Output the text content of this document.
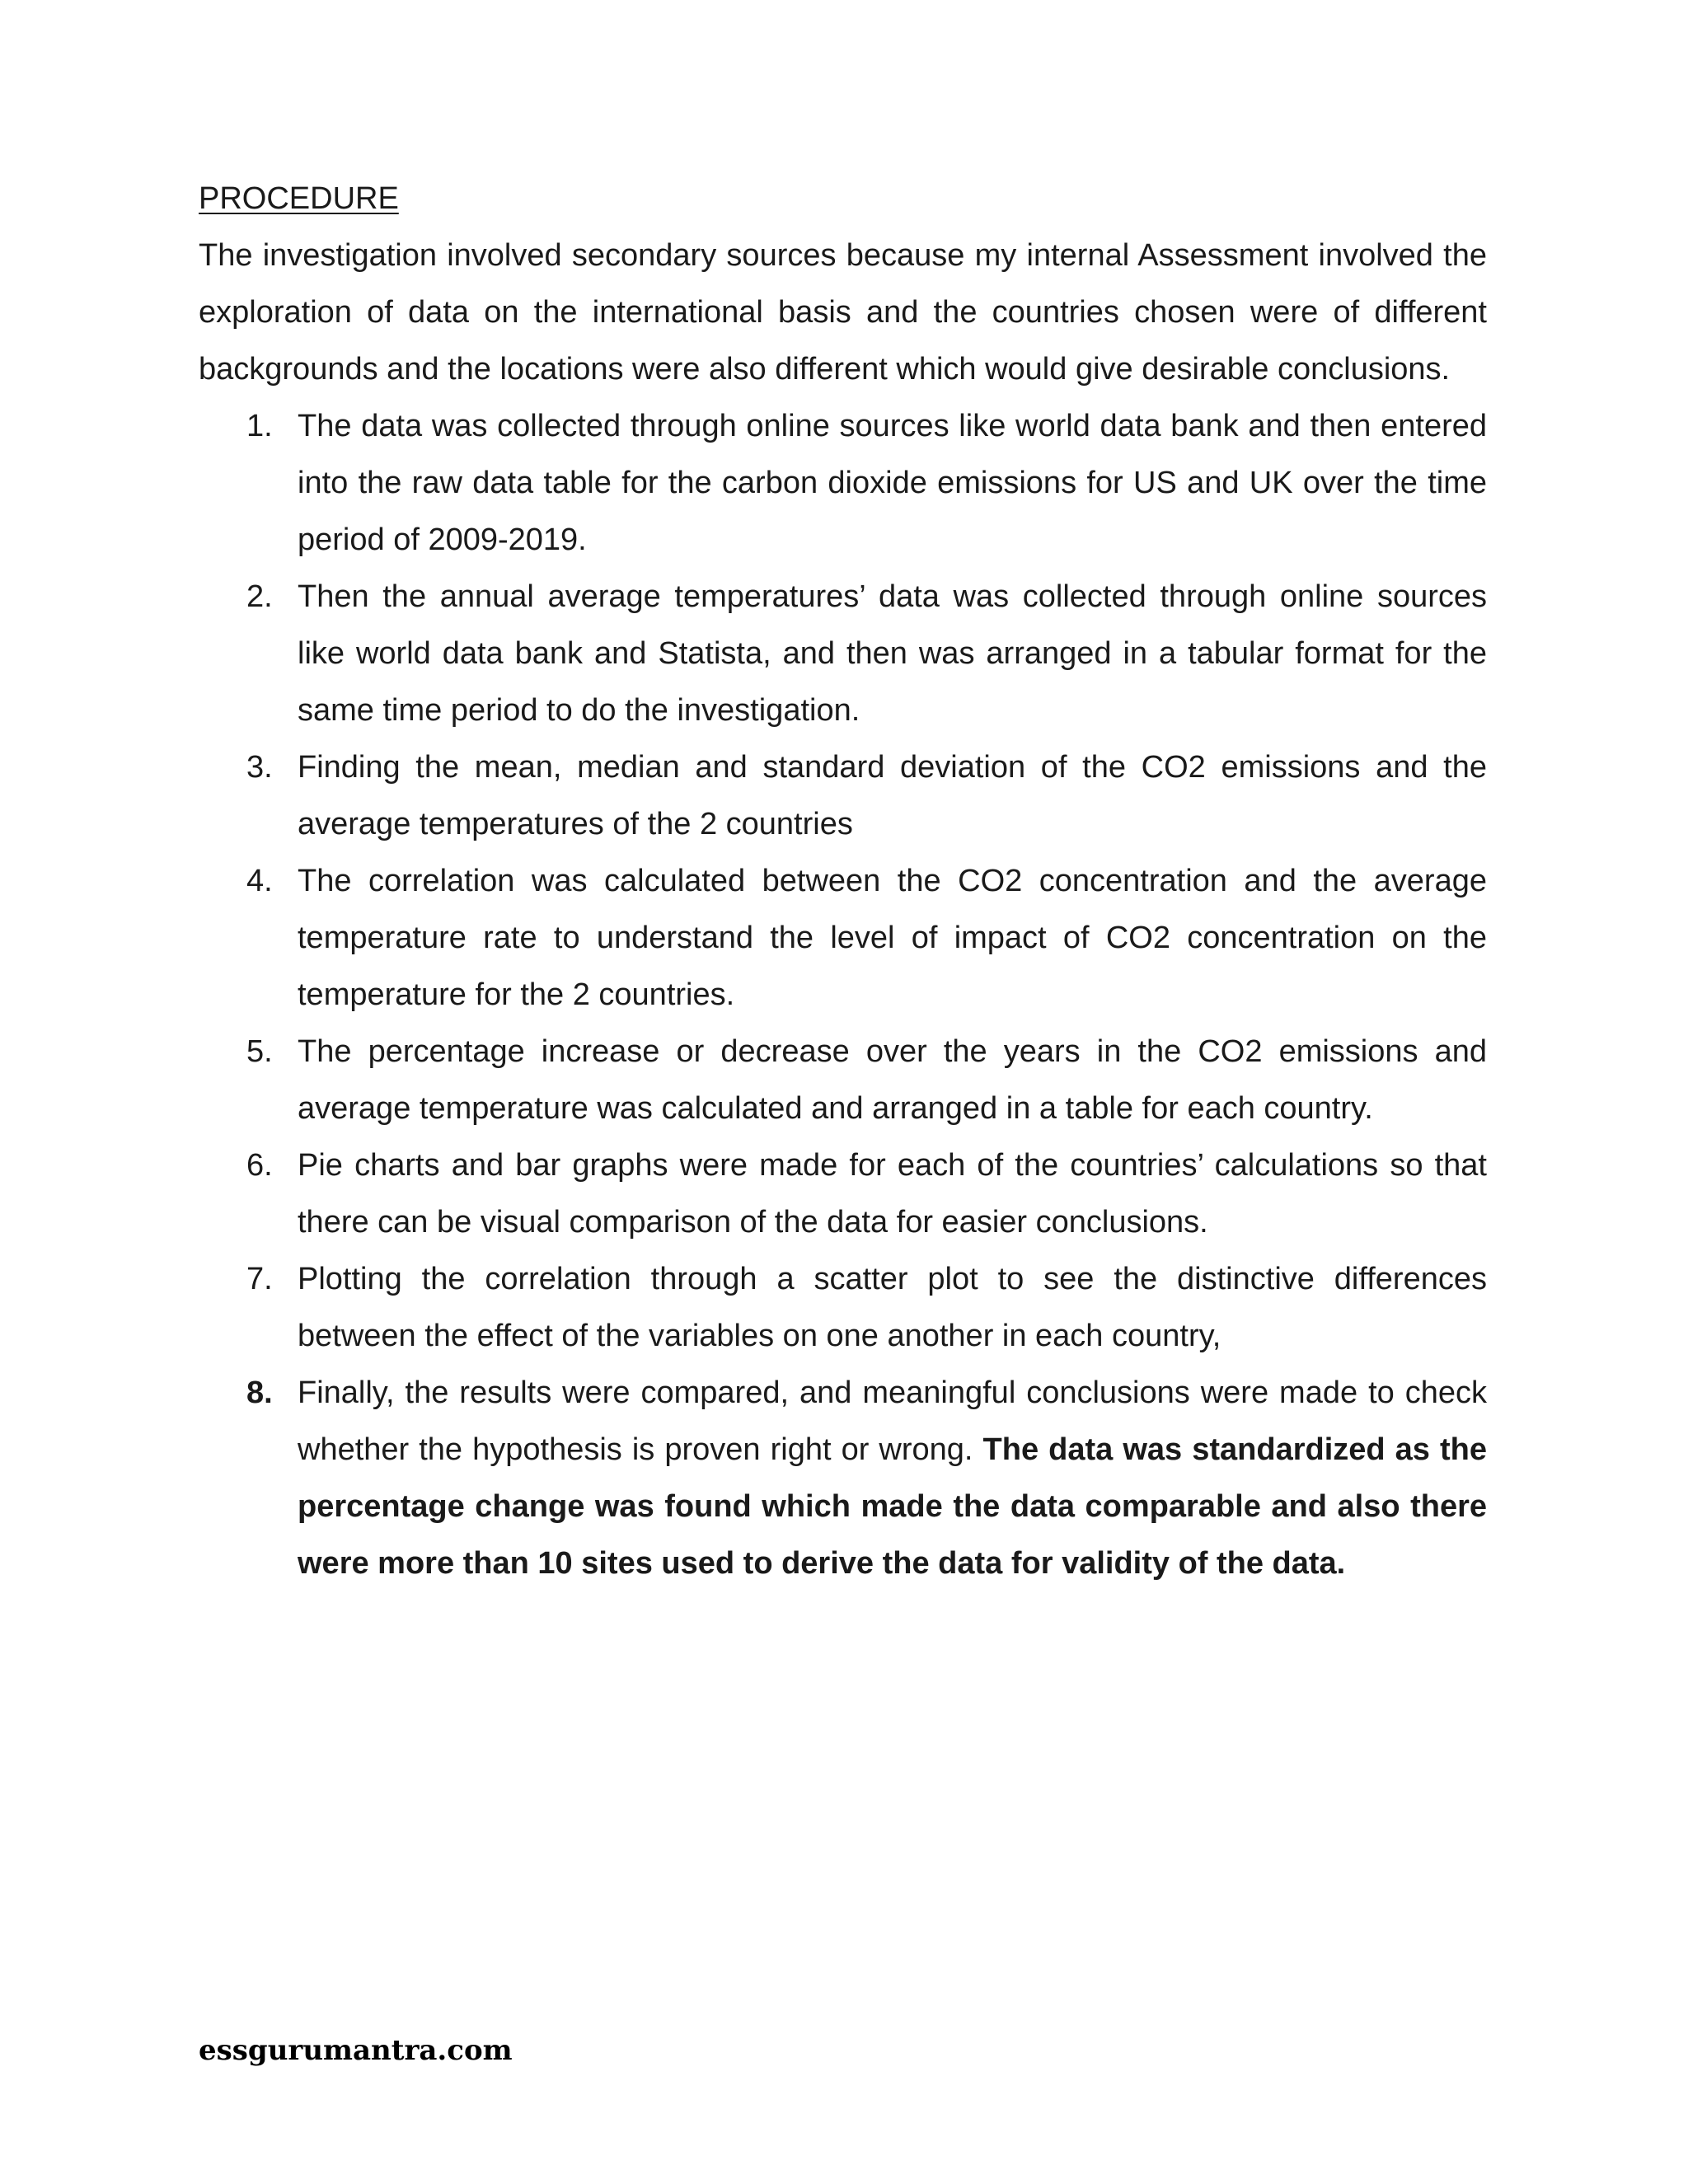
PROCEDURE

The investigation involved secondary sources because my internal Assessment involved the exploration of data on the international basis and the countries chosen were of different backgrounds and the locations were also different which would give desirable conclusions.

1. The data was collected through online sources like world data bank and then entered into the raw data table for the carbon dioxide emissions for US and UK over the time period of 2009-2019.
2. Then the annual average temperatures’ data was collected through online sources like world data bank and Statista, and then was arranged in a tabular format for the same time period to do the investigation.
3. Finding the mean, median and standard deviation of the CO2 emissions and the average temperatures of the 2 countries
4. The correlation was calculated between the CO2 concentration and the average temperature rate to understand the level of impact of CO2 concentration on the temperature for the 2 countries.
5. The percentage increase or decrease over the years in the CO2 emissions and average temperature was calculated and arranged in a table for each country.
6. Pie charts and bar graphs were made for each of the countries’ calculations so that there can be visual comparison of the data for easier conclusions.
7. Plotting the correlation through a scatter plot to see the distinctive differences between the effect of the variables on one another in each country,
8. Finally, the results were compared, and meaningful conclusions were made to check whether the hypothesis is proven right or wrong. The data was standardized as the percentage change was found which made the data comparable and also there were more than 10 sites used to derive the data for validity of the data.
essgurumantra.com
